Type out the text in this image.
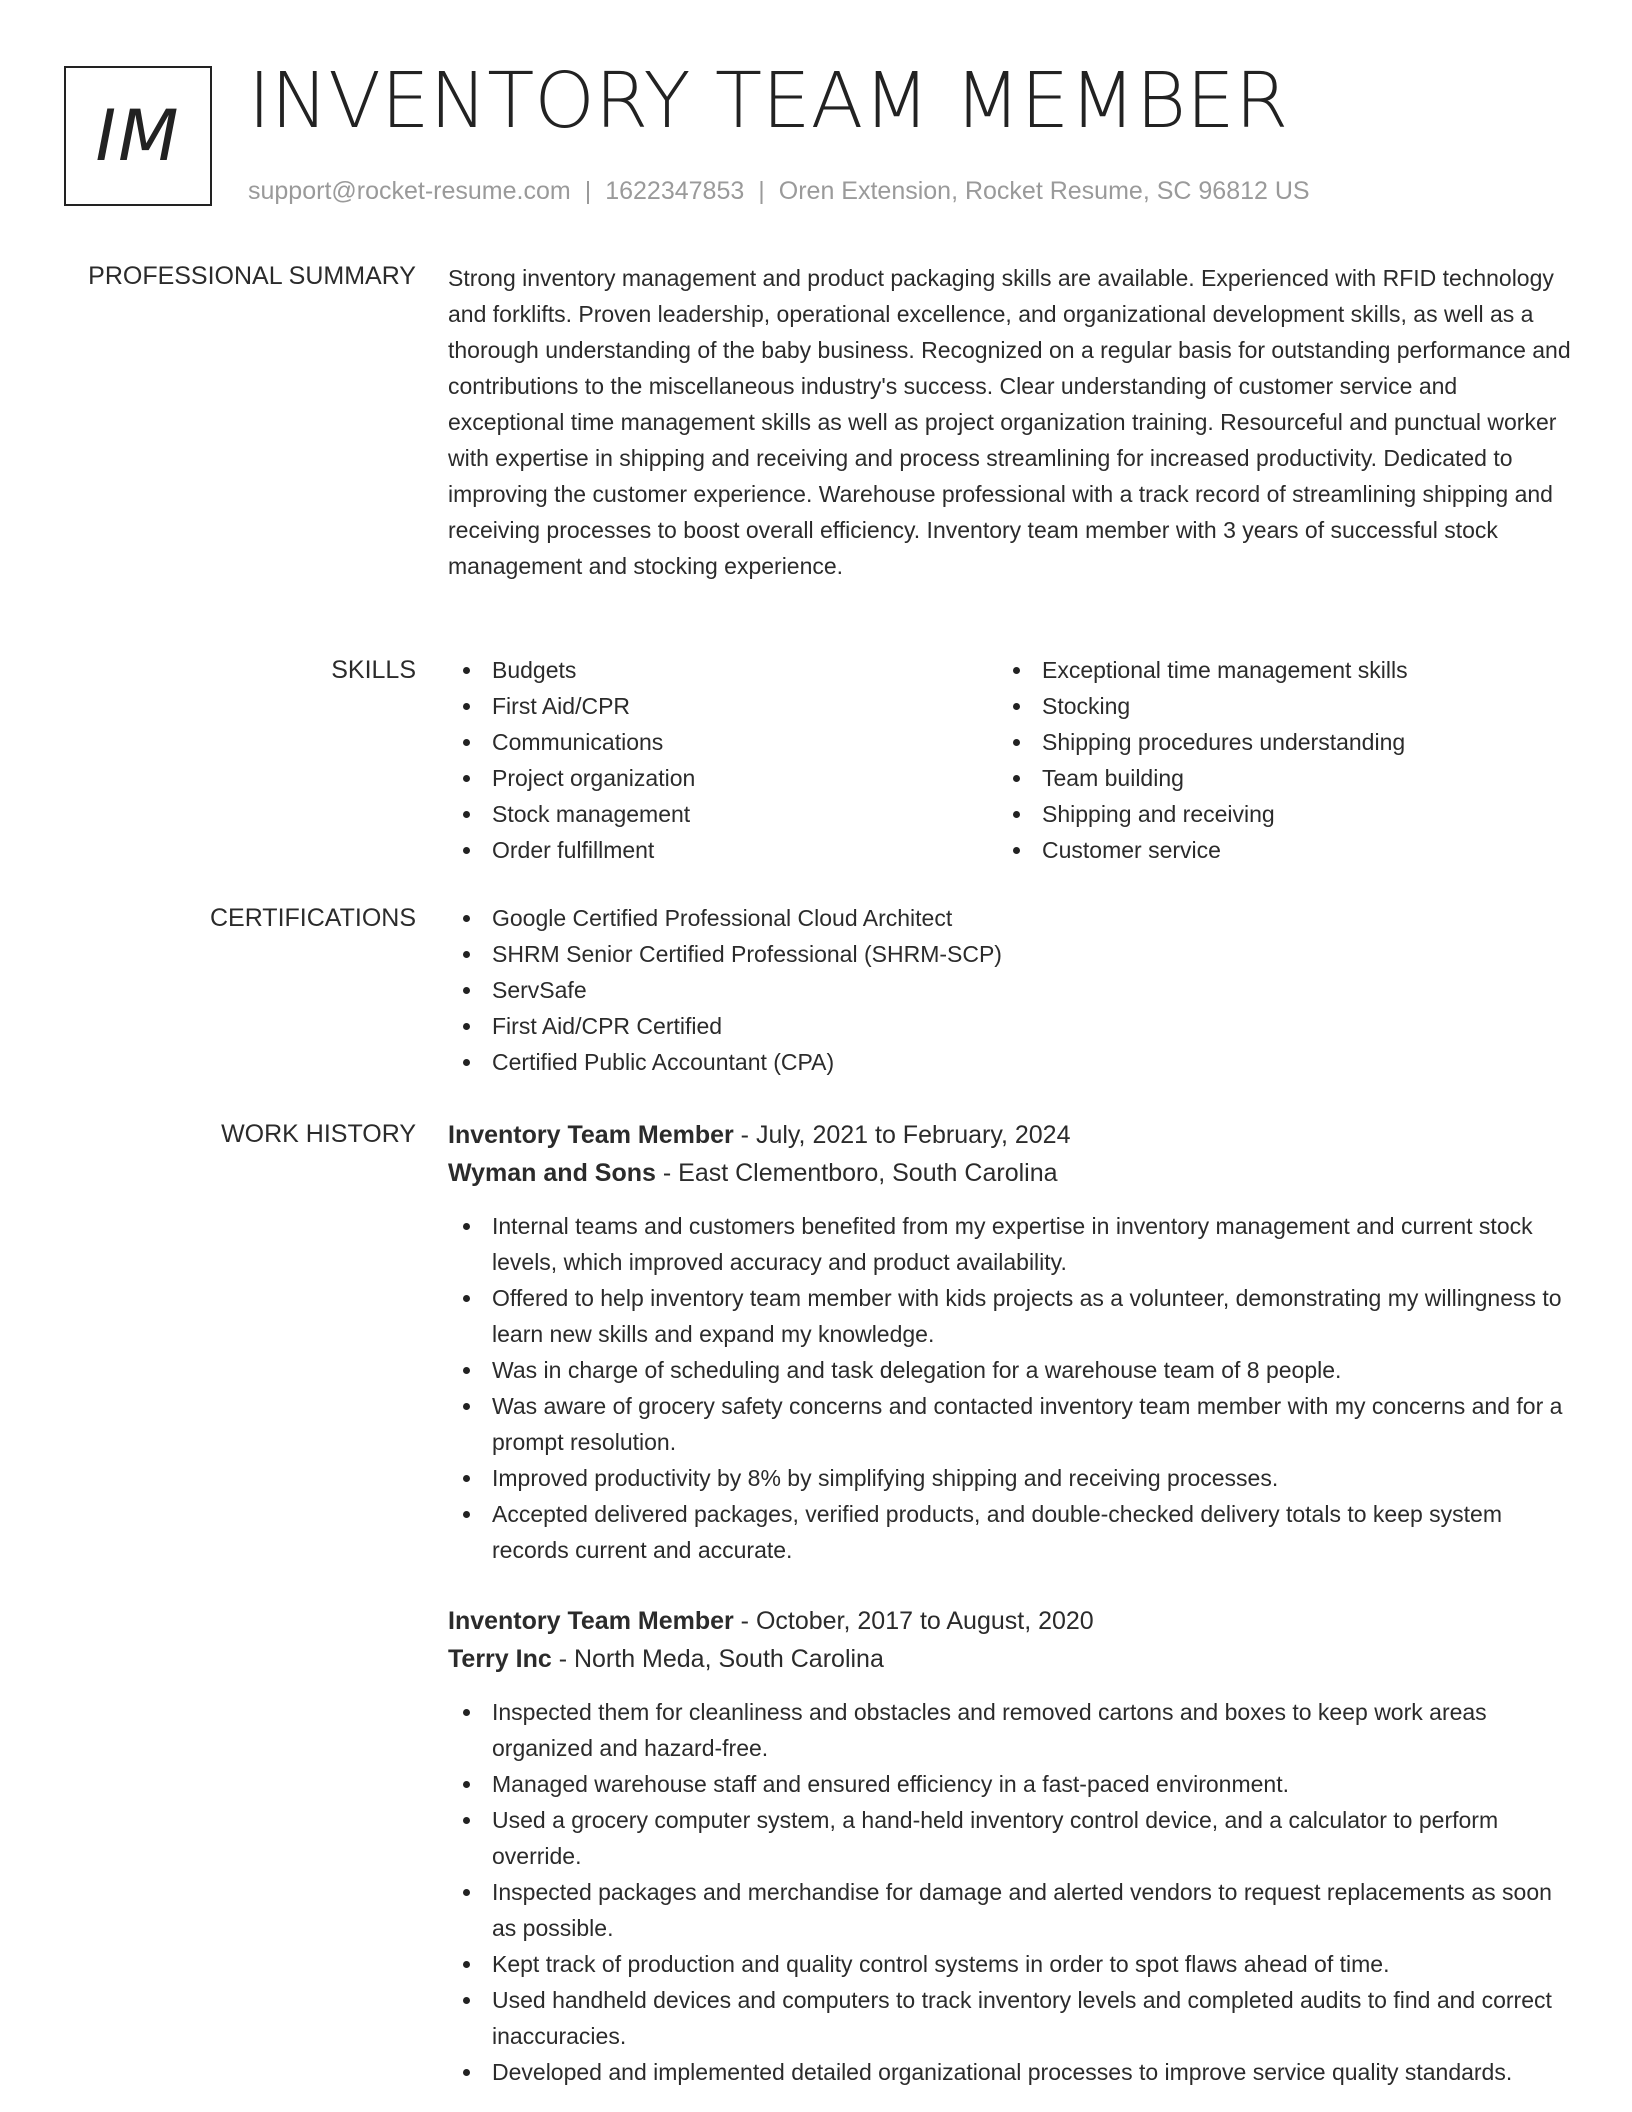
IM INVENTORY TEAM MEMBER
support@rocket-resume.com | 1622347853 | Oren Extension, Rocket Resume, SC 96812 US
PROFESSIONAL SUMMARY Strong inventory management and product packaging skills are available. Experienced with RFID technology and forklifts. Proven leadership, operational excellence, and organizational development skills, as well as a thorough understanding of the baby business. Recognized on a regular basis for outstanding performance and contributions to the miscellaneous industry's success. Clear understanding of customer service and exceptional time management skills as well as project organization training. Resourceful and punctual worker with expertise in shipping and receiving and process streamlining for increased productivity. Dedicated to improving the customer experience. Warehouse professional with a track record of streamlining shipping and receiving processes to boost overall efficiency. Inventory team member with 3 years of successful stock management and stocking experience.

SKILLS	Budgets
First Aid/CPR
Communications
Project organization
Stock management
Order fulfillment
Exceptional time management skills
Stocking
Shipping procedures understanding
Team building
Shipping and receiving
Customer service
CERTIFICATIONS	Google Certified Professional Cloud Architect
SHRM Senior Certified Professional (SHRM-SCP)
ServSafe
First Aid/CPR Certified
Certified Public Accountant (CPA)
WORK HISTORY Inventory Team Member - July, 2021 to February, 2024
Wyman and Sons - East Clementboro, South Carolina
Internal teams and customers benefited from my expertise in inventory management and current stock levels, which improved accuracy and product availability.
Offered to help inventory team member with kids projects as a volunteer, demonstrating my willingness to learn new skills and expand my knowledge.
Was in charge of scheduling and task delegation for a warehouse team of 8 people.
Was aware of grocery safety concerns and contacted inventory team member with my concerns and for a prompt resolution.
Improved productivity by 8% by simplifying shipping and receiving processes.
Accepted delivered packages, verified products, and double-checked delivery totals to keep system records current and accurate.
Inventory Team Member - October, 2017 to August, 2020
Terry Inc - North Meda, South Carolina
Inspected them for cleanliness and obstacles and removed cartons and boxes to keep work areas organized and hazard-free.
Managed warehouse staff and ensured efficiency in a fast-paced environment.
Used a grocery computer system, a hand-held inventory control device, and a calculator to perform override.
Inspected packages and merchandise for damage and alerted vendors to request replacements as soon as possible.
Kept track of production and quality control systems in order to spot flaws ahead of time.
Used handheld devices and computers to track inventory levels and completed audits to find and correct inaccuracies.
Developed and implemented detailed organizational processes to improve service quality standards.
